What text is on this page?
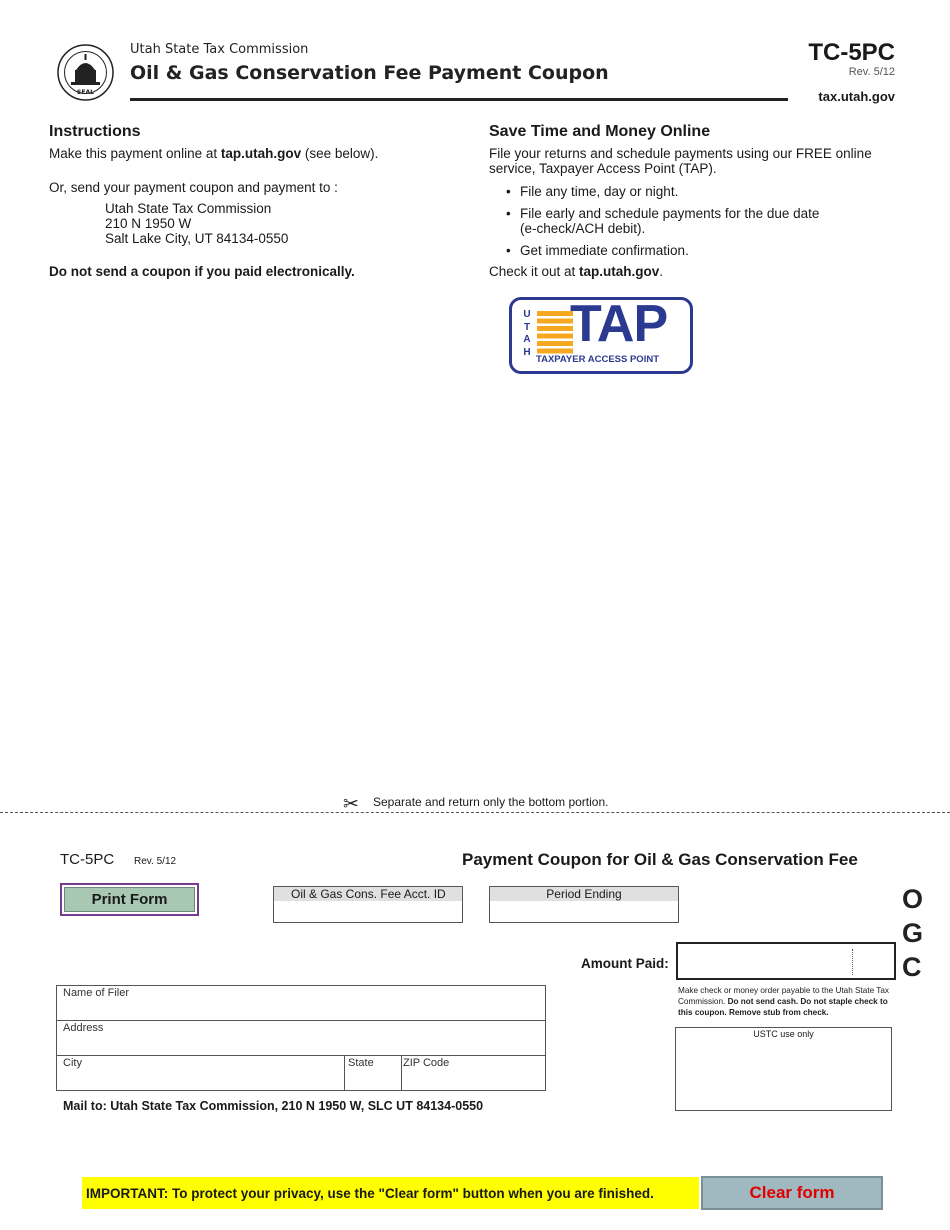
SEAL
Utah State Tax Commission
Oil & Gas Conservation Fee Payment Coupon
TC-5PC
Rev. 5/12
tax.utah.gov
Instructions
Make this payment online at tap.utah.gov (see below).
Or, send your payment coupon and payment to :
Utah State Tax Commission
210 N 1950 W
Salt Lake City, UT 84134-0550
Do not send a coupon if you paid electronically.
Save Time and Money Online
File your returns and schedule payments using our FREE online service, Taxpayer Access Point (TAP).
• File any time, day or night.
• File early and schedule payments for the due date (e-check/ACH debit).
• Get immediate confirmation.
Check it out at tap.utah.gov.
UTAH TAP
TAXPAYER ACCESS POINT
✂ Separate and return only the bottom portion.
TC-5PC Rev. 5/12	Payment Coupon for Oil & Gas Conservation Fee
Print Form	Oil & Gas Cons. Fee Acct. ID	Period Ending	O
G
C
Amount Paid:
Make check or money order payable to the Utah State Tax Commission. Do not send cash. Do not staple check to this coupon. Remove stub from check.
USTC use only
Name of Filer
Address
City	State	ZIP Code
Mail to: Utah State Tax Commission, 210 N 1950 W, SLC UT 84134-0550
IMPORTANT: To protect your privacy, use the "Clear form" button when you are finished.	Clear form
